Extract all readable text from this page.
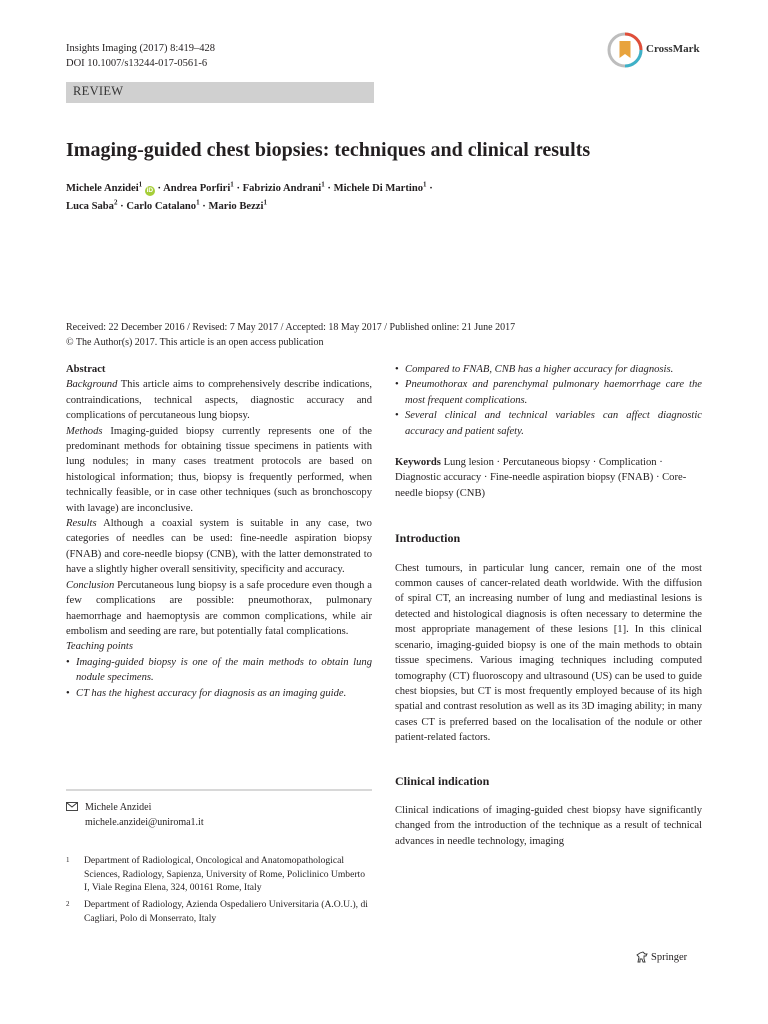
Insights Imaging (2017) 8:419–428
DOI 10.1007/s13244-017-0561-6
CrossMark
REVIEW
Imaging-guided chest biopsies: techniques and clinical results
Michele Anzidei$^1$ iD · Andrea Porfiri$^1$ · Fabrizio Andrani$^1$ · Michele Di Martino$^1$ ·
Luca Saba$^2$ · Carlo Catalano$^1$ · Mario Bezzi$^1$
Received: 22 December 2016 / Revised: 7 May 2017 / Accepted: 18 May 2017 / Published online: 21 June 2017
© The Author(s) 2017. This article is an open access publication

Abstract

Background This article aims to comprehensively describe indications, contraindications, technical aspects, diagnostic accuracy and complications of percutaneous lung biopsy.

Methods Imaging-guided biopsy currently represents one of the predominant methods for obtaining tissue specimens in patients with lung nodules; in many cases treatment protocols are based on histological information; thus, biopsy is frequently performed, when technically feasible, or in case other techniques (such as bronchoscopy with lavage) are inconclusive.

Results Although a coaxial system is suitable in any case, two categories of needles can be used: fine-needle aspiration biopsy (FNAB) and core-needle biopsy (CNB), with the latter demonstrated to have a slightly higher overall sensitivity, specificity and accuracy.

Conclusion Percutaneous lung biopsy is a safe procedure even though a few complications are possible: pneumothorax, pulmonary haemorrhage and haemoptysis are common complications, while air embolism and seeding are rare, but potentially fatal complications.

Teaching points

• Imaging-guided biopsy is one of the main methods to obtain lung nodule specimens.
• CT has the highest accuracy for diagnosis as an imaging guide.
• Compared to FNAB, CNB has a higher accuracy for diagnosis.
• Pneumothorax and parenchymal pulmonary haemorrhage care the most frequent complications.
• Several clinical and technical variables can affect diagnostic accuracy and patient safety.

Keywords Lung lesion · Percutaneous biopsy · Complication · Diagnostic accuracy · Fine-needle aspiration biopsy (FNAB) · Core-needle biopsy (CNB)

Introduction

Chest tumours, in particular lung cancer, remain one of the most common causes of cancer-related death worldwide. With the diffusion of spiral CT, an increasing number of lung and mediastinal lesions is detected and histological diagnosis is often necessary to determine the most appropriate management of these lesions [1]. In this clinical scenario, imaging-guided biopsy is one of the main methods to obtain tissue specimens. Various imaging techniques including computed tomography (CT) fluoroscopy and ultrasound (US) can be used to guide chest biopsies, but CT is most frequently employed because of its high spatial and contrast resolution as well as its 3D imaging ability; in many cases CT is preferred based on the localisation of the nodule or other patient-related factors.

Clinical indication

Clinical indications of imaging-guided chest biopsy have significantly changed from the introduction of the technique as a result of technical advances in needle technology, imaging

Michele Anzidei
michele.anzidei@uniroma1.it
1 Department of Radiological, Oncological and Anatomopathological Sciences, Radiology, Sapienza, University of Rome, Policlinico Umberto I, Viale Regina Elena, 324, 00161 Rome, Italy
2 Department of Radiology, Azienda Ospedaliero Universitaria (A.O.U.), di Cagliari, Polo di Monserrato, Italy
Springer
